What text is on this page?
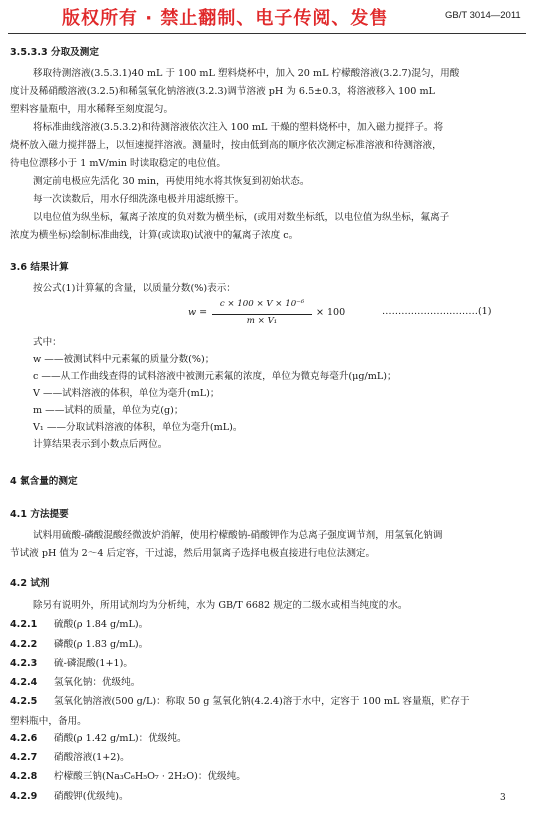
版权所有 · 禁止翻制、电子传阅、发售	GB/T 3014—2011
3.5.3.3 分取及测定
移取待测溶液(3.5.3.1)40 mL 于 100 mL 塑料烧杯中，加入 20 mL 柠檬酸溶液(3.2.7)混匀，用酸
度计及稀硝酸溶液(3.2.5)和稀氢氧化钠溶液(3.2.3)调节溶液 pH 为 6.5±0.3，将溶液移入 100 mL
塑料容量瓶中，用水稀释至刻度混匀。
将标准曲线溶液(3.5.3.2)和待测溶液依次注入 100 mL 干燥的塑料烧杯中，加入磁力搅拌子。将
烧杯放入磁力搅拌器上，以恒速搅拌溶液。测量时，按由低到高的顺序依次测定标准溶液和待测溶液，
待电位漂移小于 1 mV/min 时读取稳定的电位值。
测定前电极应先活化 30 min，再使用纯水将其恢复到初始状态。
每一次读数后，用水仔细洗涤电极并用滤纸擦干。
以电位值为纵坐标，氟离子浓度的负对数为横坐标，(或用对数坐标纸，以电位值为纵坐标，氟离子
浓度为横坐标)绘制标准曲线，计算(或读取)试液中的氟离子浓度 c。
3.6 结果计算
按公式(1)计算氟的含量，以质量分数(%)表示：
w =
c × 100 × V × 10⁻⁶
m × V₁
× 100	…………………………(1)
式中：
w ——被测试料中元素氟的质量分数(%)；
c ——从工作曲线查得的试料溶液中被测元素氟的浓度，单位为微克每毫升(μg/mL)；
V ——试料溶液的体积，单位为毫升(mL)；
m ——试料的质量，单位为克(g)；
V₁ ——分取试料溶液的体积，单位为毫升(mL)。
计算结果表示到小数点后两位。
4 氯含量的测定
4.1 方法提要
试料用硫酸-磷酸混酸经微波炉消解，使用柠檬酸钠-硝酸钾作为总离子强度调节剂，用氢氧化钠调
节试液 pH 值为 2～4 后定容，干过滤，然后用氯离子选择电极直接进行电位法测定。
4.2 试剂
除另有说明外，所用试剂均为分析纯，水为 GB/T 6682 规定的二级水或相当纯度的水。
4.2.1 硫酸(ρ 1.84 g/mL)。
4.2.2 磷酸(ρ 1.83 g/mL)。
4.2.3 硫-磷混酸(1+1)。
4.2.4 氢氧化钠：优级纯。
4.2.5 氢氧化钠溶液(500 g/L)：称取 50 g 氢氧化钠(4.2.4)溶于水中，定容于 100 mL 容量瓶，贮存于
塑料瓶中，备用。
4.2.6 硝酸(ρ 1.42 g/mL)：优级纯。
4.2.7 硝酸溶液(1+2)。
4.2.8 柠檬酸三钠(Na₃C₆H₅O₇ · 2H₂O)：优级纯。
4.2.9 硝酸钾(优级纯)。	3
